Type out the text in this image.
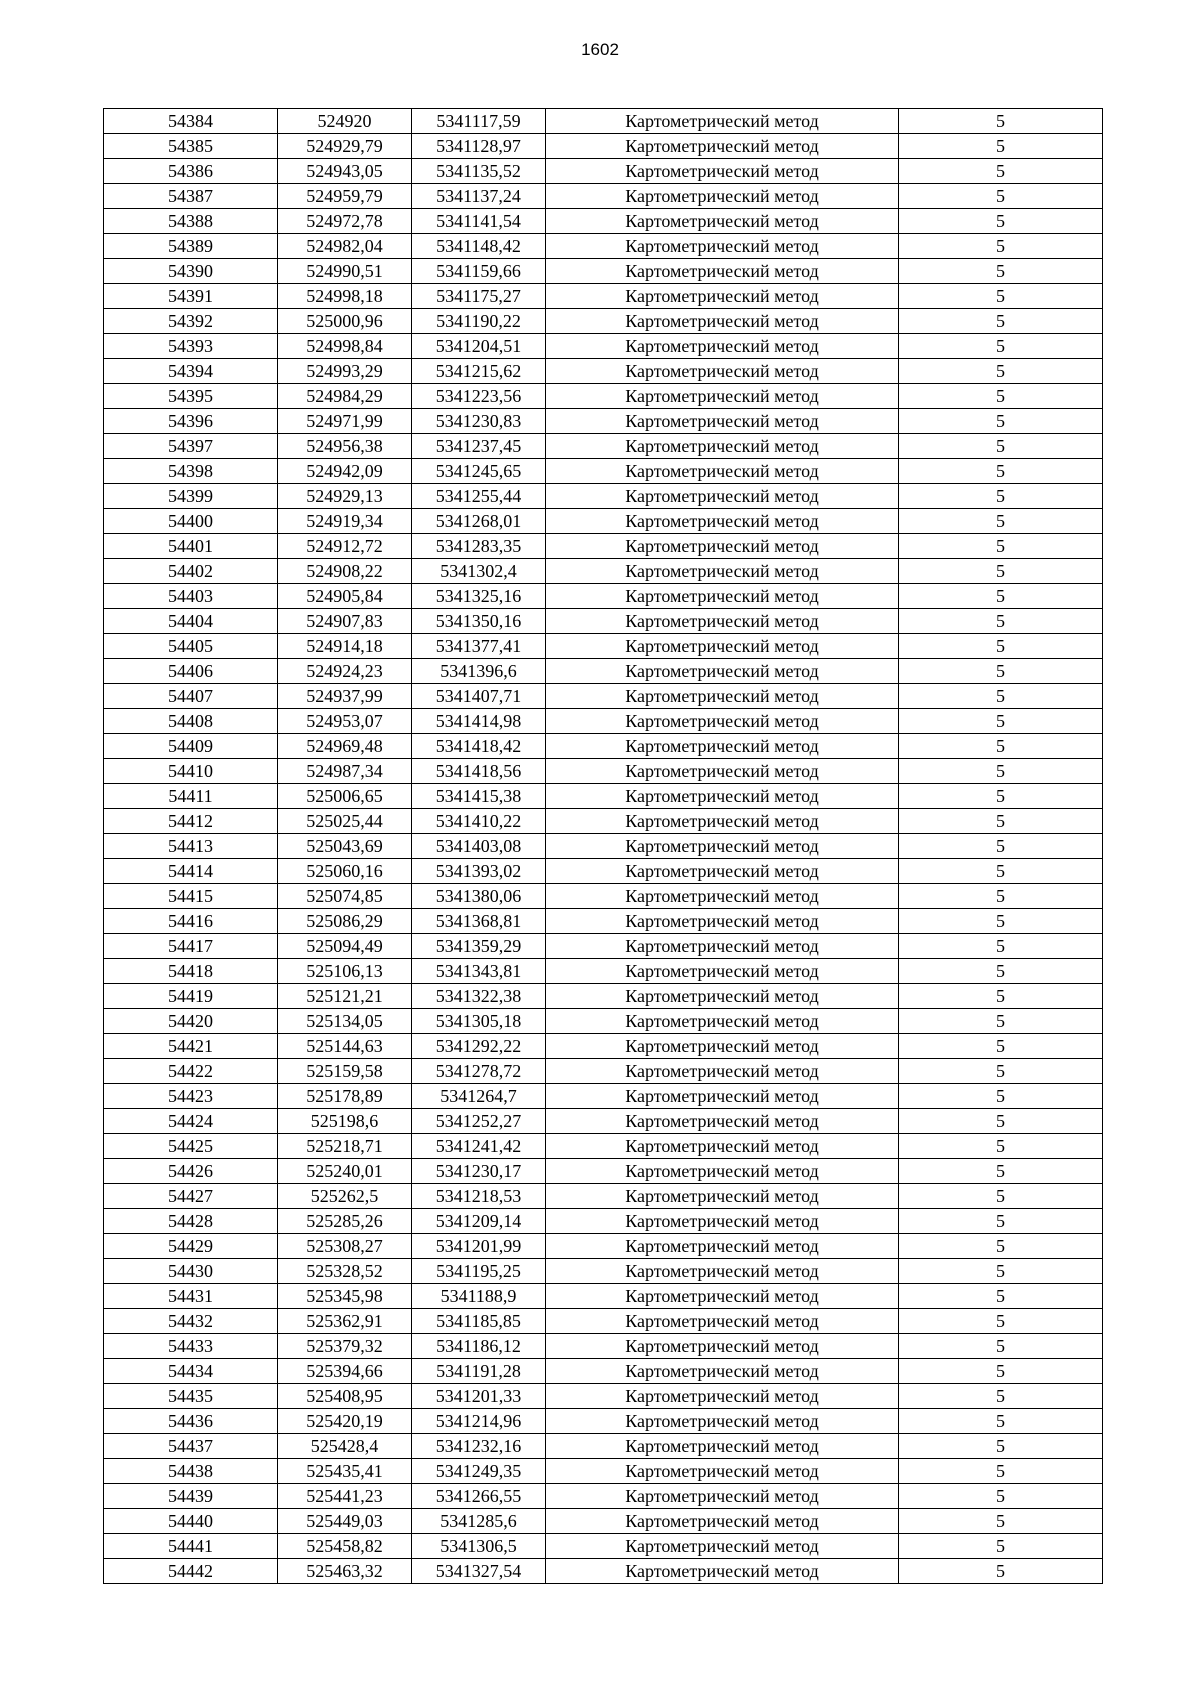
1602
54384	524920	5341117,59	Картометрический метод	5
54385	524929,79	5341128,97	Картометрический метод	5
54386	524943,05	5341135,52	Картометрический метод	5
54387	524959,79	5341137,24	Картометрический метод	5
54388	524972,78	5341141,54	Картометрический метод	5
54389	524982,04	5341148,42	Картометрический метод	5
54390	524990,51	5341159,66	Картометрический метод	5
54391	524998,18	5341175,27	Картометрический метод	5
54392	525000,96	5341190,22	Картометрический метод	5
54393	524998,84	5341204,51	Картометрический метод	5
54394	524993,29	5341215,62	Картометрический метод	5
54395	524984,29	5341223,56	Картометрический метод	5
54396	524971,99	5341230,83	Картометрический метод	5
54397	524956,38	5341237,45	Картометрический метод	5
54398	524942,09	5341245,65	Картометрический метод	5
54399	524929,13	5341255,44	Картометрический метод	5
54400	524919,34	5341268,01	Картометрический метод	5
54401	524912,72	5341283,35	Картометрический метод	5
54402	524908,22	5341302,4	Картометрический метод	5
54403	524905,84	5341325,16	Картометрический метод	5
54404	524907,83	5341350,16	Картометрический метод	5
54405	524914,18	5341377,41	Картометрический метод	5
54406	524924,23	5341396,6	Картометрический метод	5
54407	524937,99	5341407,71	Картометрический метод	5
54408	524953,07	5341414,98	Картометрический метод	5
54409	524969,48	5341418,42	Картометрический метод	5
54410	524987,34	5341418,56	Картометрический метод	5
54411	525006,65	5341415,38	Картометрический метод	5
54412	525025,44	5341410,22	Картометрический метод	5
54413	525043,69	5341403,08	Картометрический метод	5
54414	525060,16	5341393,02	Картометрический метод	5
54415	525074,85	5341380,06	Картометрический метод	5
54416	525086,29	5341368,81	Картометрический метод	5
54417	525094,49	5341359,29	Картометрический метод	5
54418	525106,13	5341343,81	Картометрический метод	5
54419	525121,21	5341322,38	Картометрический метод	5
54420	525134,05	5341305,18	Картометрический метод	5
54421	525144,63	5341292,22	Картометрический метод	5
54422	525159,58	5341278,72	Картометрический метод	5
54423	525178,89	5341264,7	Картометрический метод	5
54424	525198,6	5341252,27	Картометрический метод	5
54425	525218,71	5341241,42	Картометрический метод	5
54426	525240,01	5341230,17	Картометрический метод	5
54427	525262,5	5341218,53	Картометрический метод	5
54428	525285,26	5341209,14	Картометрический метод	5
54429	525308,27	5341201,99	Картометрический метод	5
54430	525328,52	5341195,25	Картометрический метод	5
54431	525345,98	5341188,9	Картометрический метод	5
54432	525362,91	5341185,85	Картометрический метод	5
54433	525379,32	5341186,12	Картометрический метод	5
54434	525394,66	5341191,28	Картометрический метод	5
54435	525408,95	5341201,33	Картометрический метод	5
54436	525420,19	5341214,96	Картометрический метод	5
54437	525428,4	5341232,16	Картометрический метод	5
54438	525435,41	5341249,35	Картометрический метод	5
54439	525441,23	5341266,55	Картометрический метод	5
54440	525449,03	5341285,6	Картометрический метод	5
54441	525458,82	5341306,5	Картометрический метод	5
54442	525463,32	5341327,54	Картометрический метод	5
